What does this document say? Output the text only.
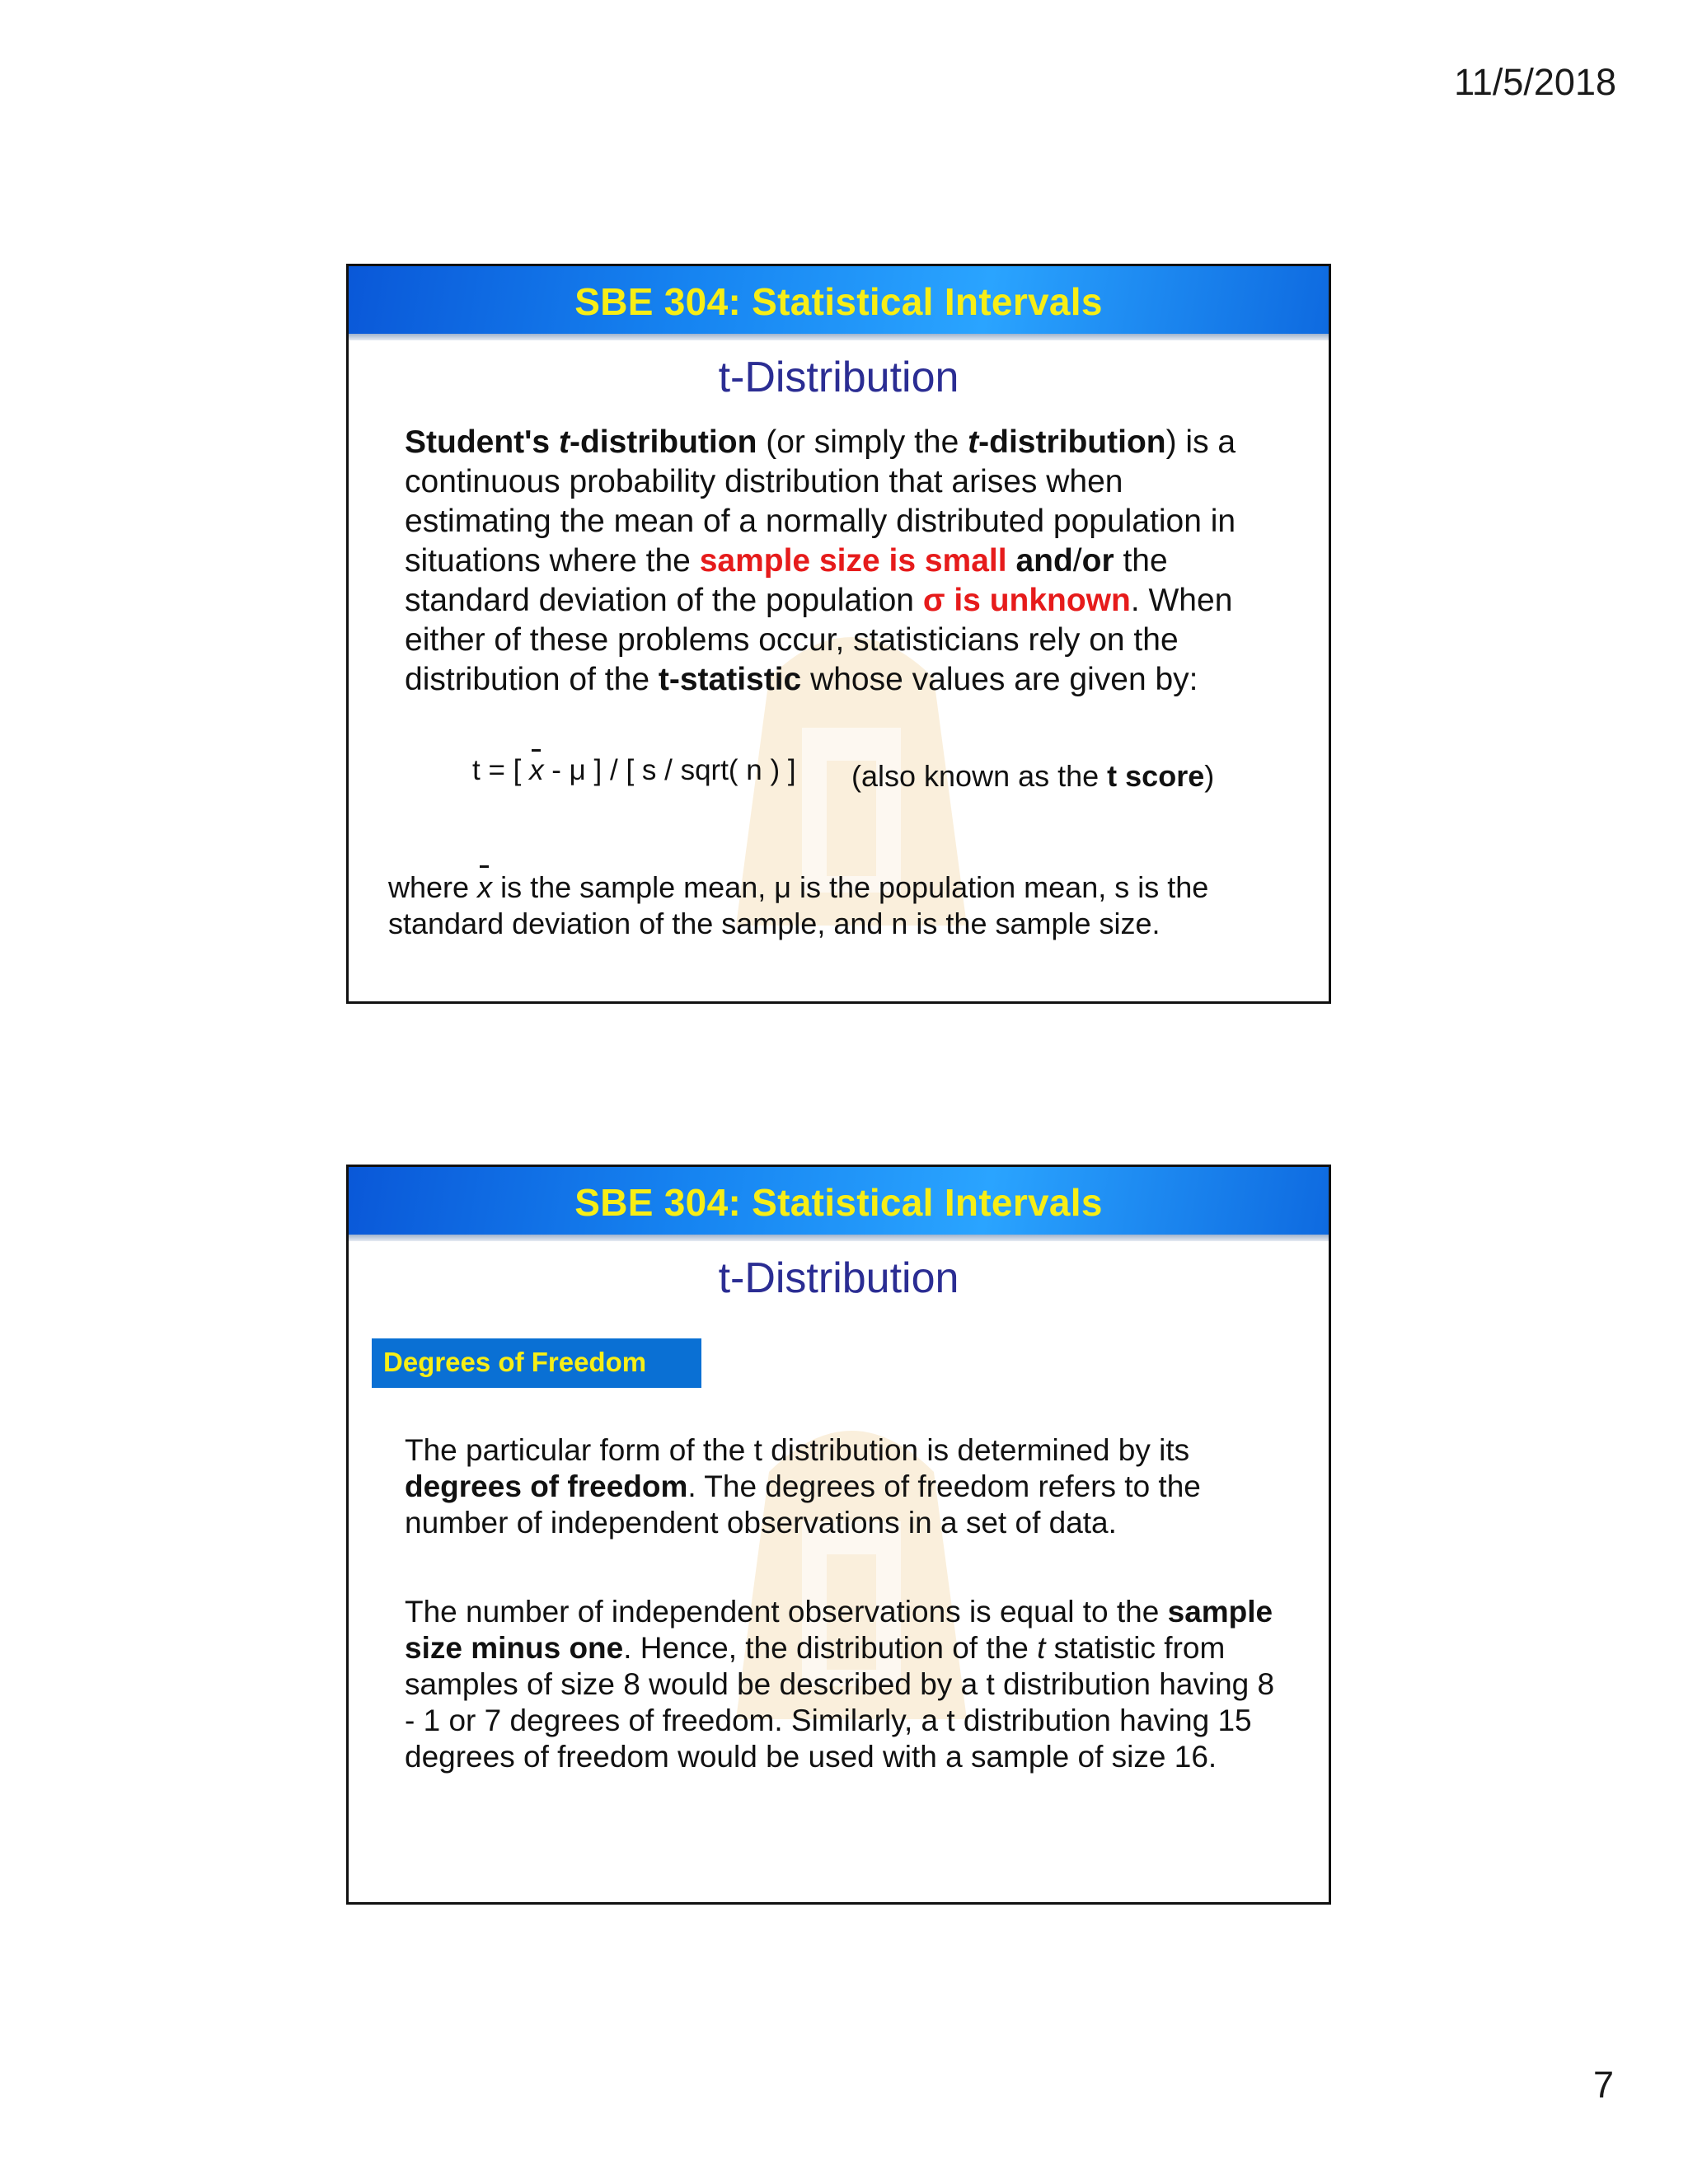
11/5/2018
SBE 304: Statistical Intervals
t-Distribution
Student's t-distribution (or simply the t-distribution) is a continuous probability distribution that arises when estimating the mean of a normally distributed population in situations where the sample size is small and/or the standard deviation of the population σ is unknown. When either of these problems occur, statisticians rely on the distribution of the t-statistic whose values are given by:
t = [ x - μ ] / [ s / sqrt( n ) ] (also known as the t score)
where x is the sample mean, μ is the population mean, s is the standard deviation of the sample, and n is the sample size.
SBE 304: Statistical Intervals
t-Distribution
Degrees of Freedom
The particular form of the t distribution is determined by its degrees of freedom. The degrees of freedom refers to the number of independent observations in a set of data.
The number of independent observations is equal to the sample size minus one. Hence, the distribution of the t statistic from samples of size 8 would be described by a t distribution having 8 - 1 or 7 degrees of freedom. Similarly, a t distribution having 15 degrees of freedom would be used with a sample of size 16.
7
